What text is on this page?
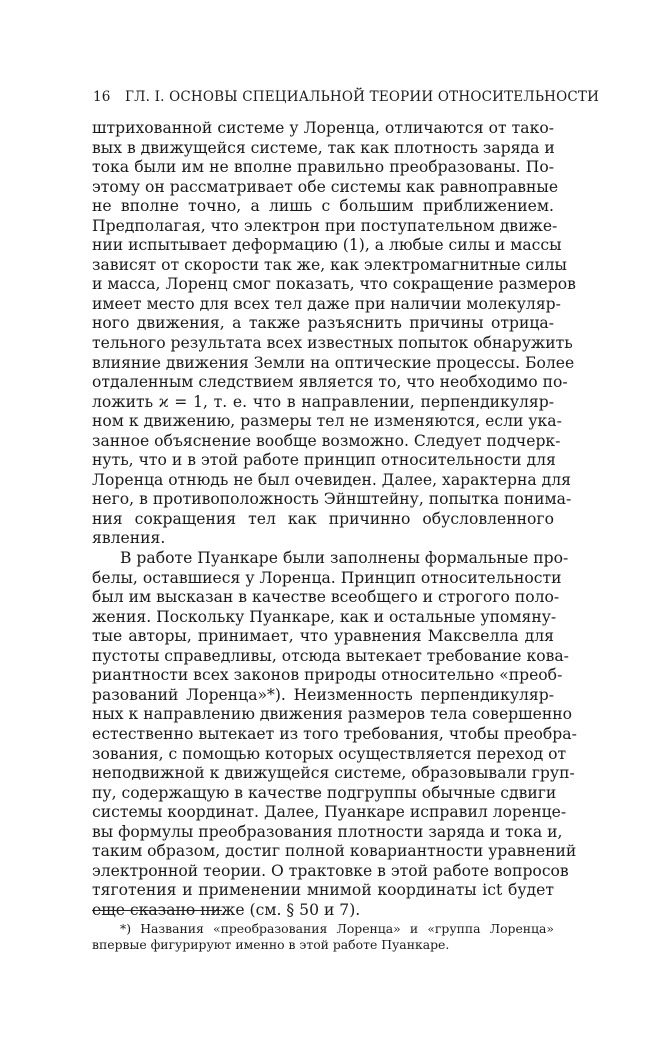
16 ГЛ. I. ОСНОВЫ СПЕЦИАЛЬНОЙ ТЕОРИИ ОТНОСИТЕЛЬНОСТИ
штрихованной системе у Лоренца, отличаются от тако-
вых в движущейся системе, так как плотность заряда и
тока были им не вполне правильно преобразованы. По-
этому он рассматривает обе системы как равноправные
не вполне точно, а лишь с большим приближением.
Предполагая, что электрон при поступательном движе-
нии испытывает деформацию (1), а любые силы и массы
зависят от скорости так же, как электромагнитные силы
и масса, Лоренц смог показать, что сокращение размеров
имеет место для всех тел даже при наличии молекуляр-
ного движения, а также разъяснить причины отрица-
тельного результата всех известных попыток обнаружить
влияние движения Земли на оптические процессы. Более
отдаленным следствием является то, что необходимо по-
ложить ϰ = 1, т. е. что в направлении, перпендикуляр-
ном к движению, размеры тел не изменяются, если ука-
занное объяснение вообще возможно. Следует подчерк-
нуть, что и в этой работе принцип относительности для
Лоренца отнюдь не был очевиден. Далее, характерна для
него, в противоположность Эйнштейну, попытка понима-
ния сокращения тел как причинно обусловленного
явления.
В работе Пуанкаре были заполнены формальные про-
белы, оставшиеся у Лоренца. Принцип относительности
был им высказан в качестве всеобщего и строгого поло-
жения. Поскольку Пуанкаре, как и остальные упомяну-
тые авторы, принимает, что уравнения Максвелла для
пустоты справедливы, отсюда вытекает требование кова-
риантности всех законов природы относительно «преоб-
разований Лоренца»*). Неизменность перпендикуляр-
ных к направлению движения размеров тела совершенно
естественно вытекает из того требования, чтобы преобра-
зования, с помощью которых осуществляется переход от
неподвижной к движущейся системе, образовывали груп-
пу, содержащую в качестве подгруппы обычные сдвиги
системы координат. Далее, Пуанкаре исправил лоренце-
вы формулы преобразования плотности заряда и тока и,
таким образом, достиг полной ковариантности уравнений
электронной теории. О трактовке в этой работе вопросов
тяготения и применении мнимой координаты ict будет
еще сказано ниже (см. § 50 и 7).
*) Названия «преобразования Лоренца» и «группа Лоренца»
впервые фигурируют именно в этой работе Пуанкаре.
